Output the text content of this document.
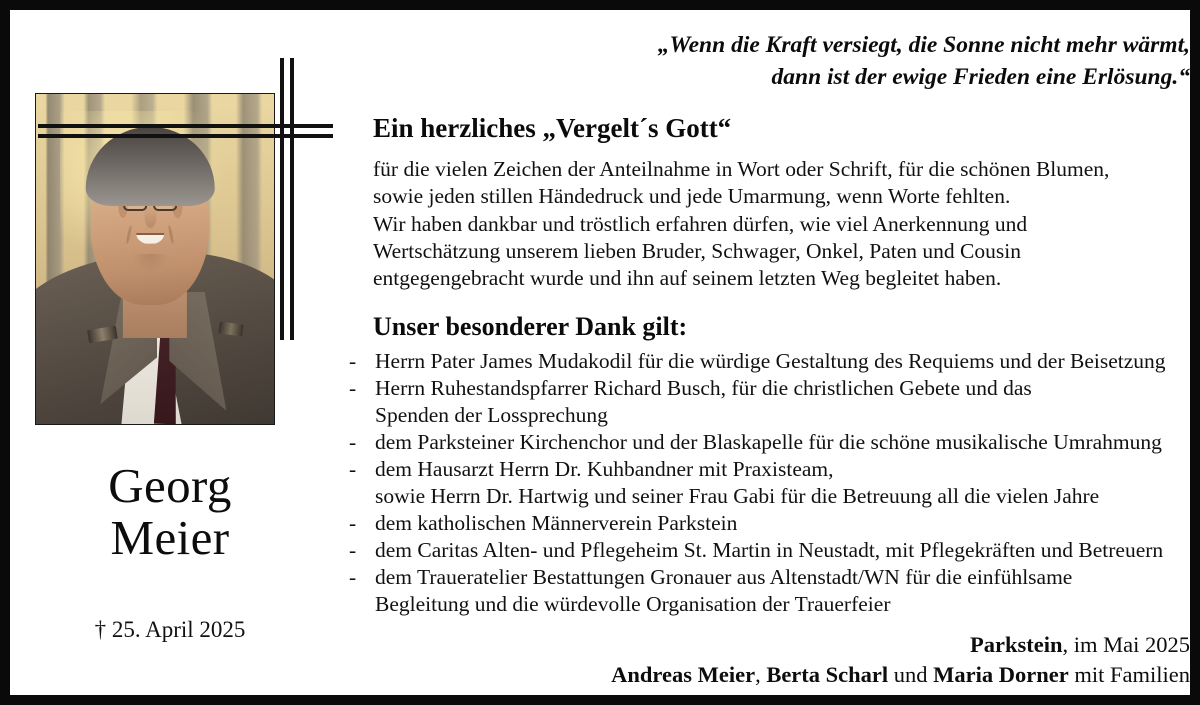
Georg
Meier
† 25. April 2025
„Wenn die Kraft versiegt, die Sonne nicht mehr wärmt,
dann ist der ewige Frieden eine Erlösung.“
Ein herzliches „Vergelt´s Gott“
für die vielen Zeichen der Anteilnahme in Wort oder Schrift, für die schönen Blumen,
sowie jeden stillen Händedruck und jede Umarmung, wenn Worte fehlten.
Wir haben dankbar und tröstlich erfahren dürfen, wie viel Anerkennung und
Wertschätzung unserem lieben Bruder, Schwager, Onkel, Paten und Cousin
entgegengebracht wurde und ihn auf seinem letzten Weg begleitet haben.
Unser besonderer Dank gilt:
- Herrn Pater James Mudakodil für die würdige Gestaltung des Requiems und der Beisetzung
- Herrn Ruhestandspfarrer Richard Busch, für die christlichen Gebete und das
Spenden der Lossprechung
- dem Parksteiner Kirchenchor und der Blaskapelle für die schöne musikalische Umrahmung
- dem Hausarzt Herrn Dr. Kuhbandner mit Praxisteam,
sowie Herrn Dr. Hartwig und seiner Frau Gabi für die Betreuung all die vielen Jahre
- dem katholischen Männerverein Parkstein
- dem Caritas Alten- und Pflegeheim St. Martin in Neustadt, mit Pflegekräften und Betreuern
- dem Traueratelier Bestattungen Gronauer aus Altenstadt/WN für die einfühlsame
Begleitung und die würdevolle Organisation der Trauerfeier
Parkstein, im Mai 2025
Andreas Meier, Berta Scharl und Maria Dorner mit Familien
